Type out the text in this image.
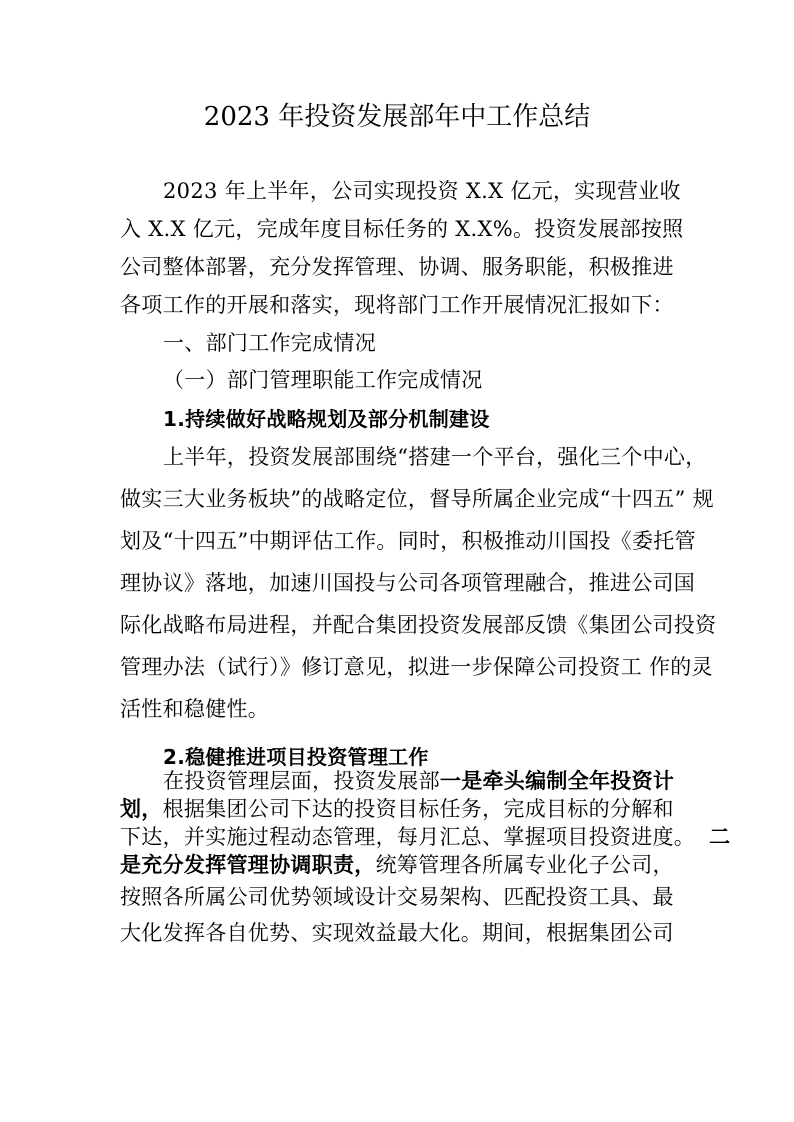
2023 年投资发展部年中工作总结
2023 年上半年，公司实现投资 X.X 亿元，实现营业收
入 X.X 亿元，完成年度目标任务的 X.X%。投资发展部按照
公司整体部署，充分发挥管理、协调、服务职能，积极推进
各项工作的开展和落实，现将部门工作开展情况汇报如下：
一、部门工作完成情况
（一）部门管理职能工作完成情况
1.持续做好战略规划及部分机制建设
上半年，投资发展部围绕“搭建一个平台，强化三个中心，
做实三大业务板块”的战略定位，督导所属企业完成“十四五” 规
划及“十四五”中期评估工作。同时，积极推动川国投《委托管
理协议》落地，加速川国投与公司各项管理融合，推进公司国
际化战略布局进程，并配合集团投资发展部反馈《集团公司投资
管理办法（试行）》修订意见，拟进一步保障公司投资工 作的灵
活性和稳健性。
2.稳健推进项目投资管理工作
在投资管理层面，投资发展部一是牵头编制全年投资计
划，根据集团公司下达的投资目标任务，完成目标的分解和
下达，并实施过程动态管理，每月汇总、掌握项目投资进度。 二
是充分发挥管理协调职责，统筹管理各所属专业化子公司，
按照各所属公司优势领域设计交易架构、匹配投资工具、最
大化发挥各自优势、实现效益最大化。期间，根据集团公司
